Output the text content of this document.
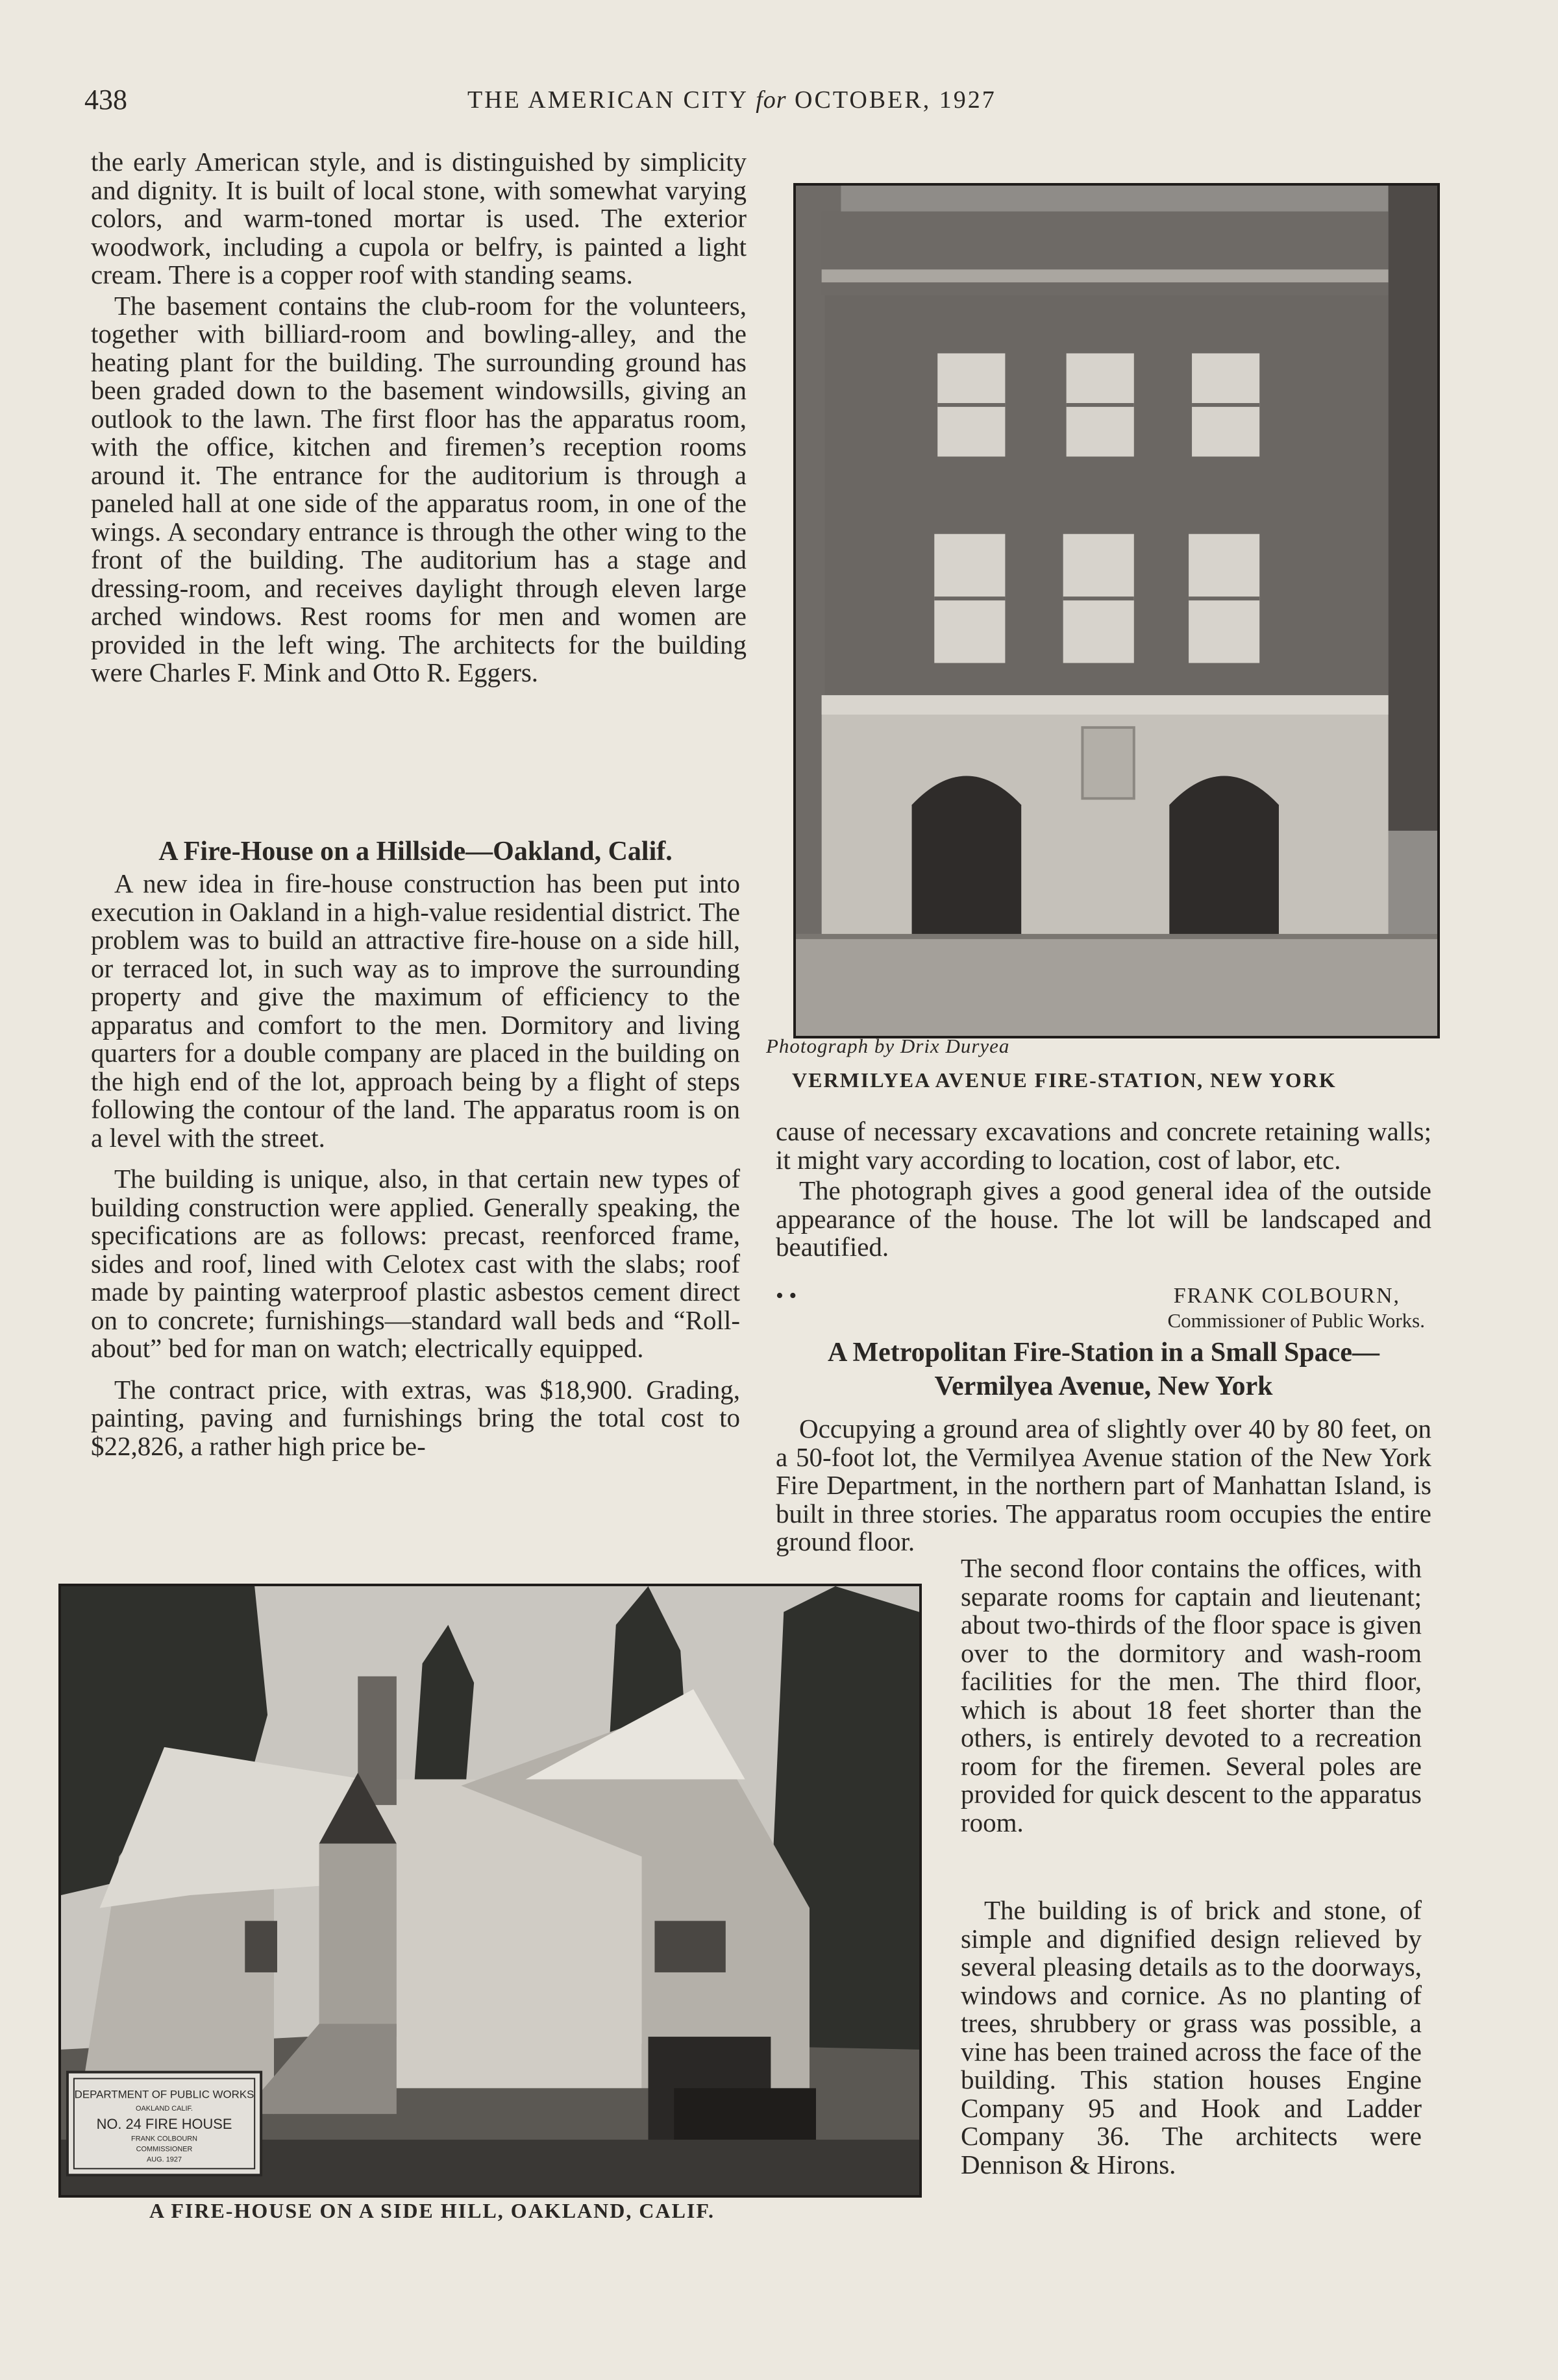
438	THE AMERICAN CITY for OCTOBER, 1927

the early American style, and is distinguished by simplicity and dignity. It is built of local stone, with somewhat varying colors, and warm-toned mortar is used. The exterior woodwork, including a cupola or belfry, is painted a light cream. There is a copper roof with standing seams.

The basement contains the club-room for the volunteers, together with billiard-room and bowling-alley, and the heating plant for the building. The surrounding ground has been graded down to the basement windowsills, giving an outlook to the lawn. The first floor has the apparatus room, with the office, kitchen and firemen’s reception rooms around it. The entrance for the auditorium is through a paneled hall at one side of the apparatus room, in one of the wings. A secondary entrance is through the other wing to the front of the building. The auditorium has a stage and dressing-room, and receives daylight through eleven large arched windows. Rest rooms for men and women are provided in the left wing. The architects for the building were Charles F. Mink and Otto R. Eggers.

A Fire-House on a Hillside—Oakland, Calif.

A new idea in fire-house construction has been put into execution in Oakland in a high-value residential district. The problem was to build an attractive fire-house on a side hill, or terraced lot, in such way as to improve the surrounding property and give the maximum of efficiency to the apparatus and comfort to the men. Dormitory and living quarters for a double company are placed in the building on the high end of the lot, approach being by a flight of steps following the contour of the land. The apparatus room is on a level with the street.

The building is unique, also, in that certain new types of building construction were applied. Generally speaking, the specifications are as follows: precast, reenforced frame, sides and roof, lined with Celotex cast with the slabs; roof made by painting waterproof plastic asbestos cement direct on to concrete; furnishings—standard wall beds and “Roll-about” bed for man on watch; electrically equipped.

The contract price, with extras, was $18,900. Grading, painting, paving and furnishings bring the total cost to $22,826, a rather high price be-

Photograph by Drix Duryea
VERMILYEA AVENUE FIRE-STATION, NEW YORK

cause of necessary excavations and concrete retaining walls; it might vary according to location, cost of labor, etc.

The photograph gives a good general idea of the outside appearance of the house. The lot will be landscaped and beautified.

• •	FRANK COLBOURN,
Commissioner of Public Works.
A Metropolitan Fire-Station in a Small Space—
Vermilyea Avenue, New York

Occupying a ground area of slightly over 40 by 80 feet, on a 50-foot lot, the Vermilyea Avenue station of the New York Fire Department, in the northern part of Manhattan Island, is built in three stories. The apparatus room occupies the entire ground floor.

The second floor contains the offices, with separate rooms for captain and lieutenant; about two-thirds of the floor space is given over to the dormitory and wash-room facilities for the men. The third floor, which is about 18 feet shorter than the others, is entirely devoted to a recreation room for the firemen. Several poles are provided for quick descent to the apparatus room.

The building is of brick and stone, of simple and dignified design relieved by several pleasing details as to the doorways, windows and cornice. As no planting of trees, shrubbery or grass was possible, a vine has been trained across the face of the building. This station houses Engine Company 95 and Hook and Ladder Company 36. The architects were Dennison & Hirons.

DEPARTMENT OF PUBLIC WORKS
OAKLAND CALIF.
NO. 24 FIRE HOUSE
FRANK COLBOURN
COMMISSIONER
AUG. 1927
A FIRE-HOUSE ON A SIDE HILL, OAKLAND, CALIF.
